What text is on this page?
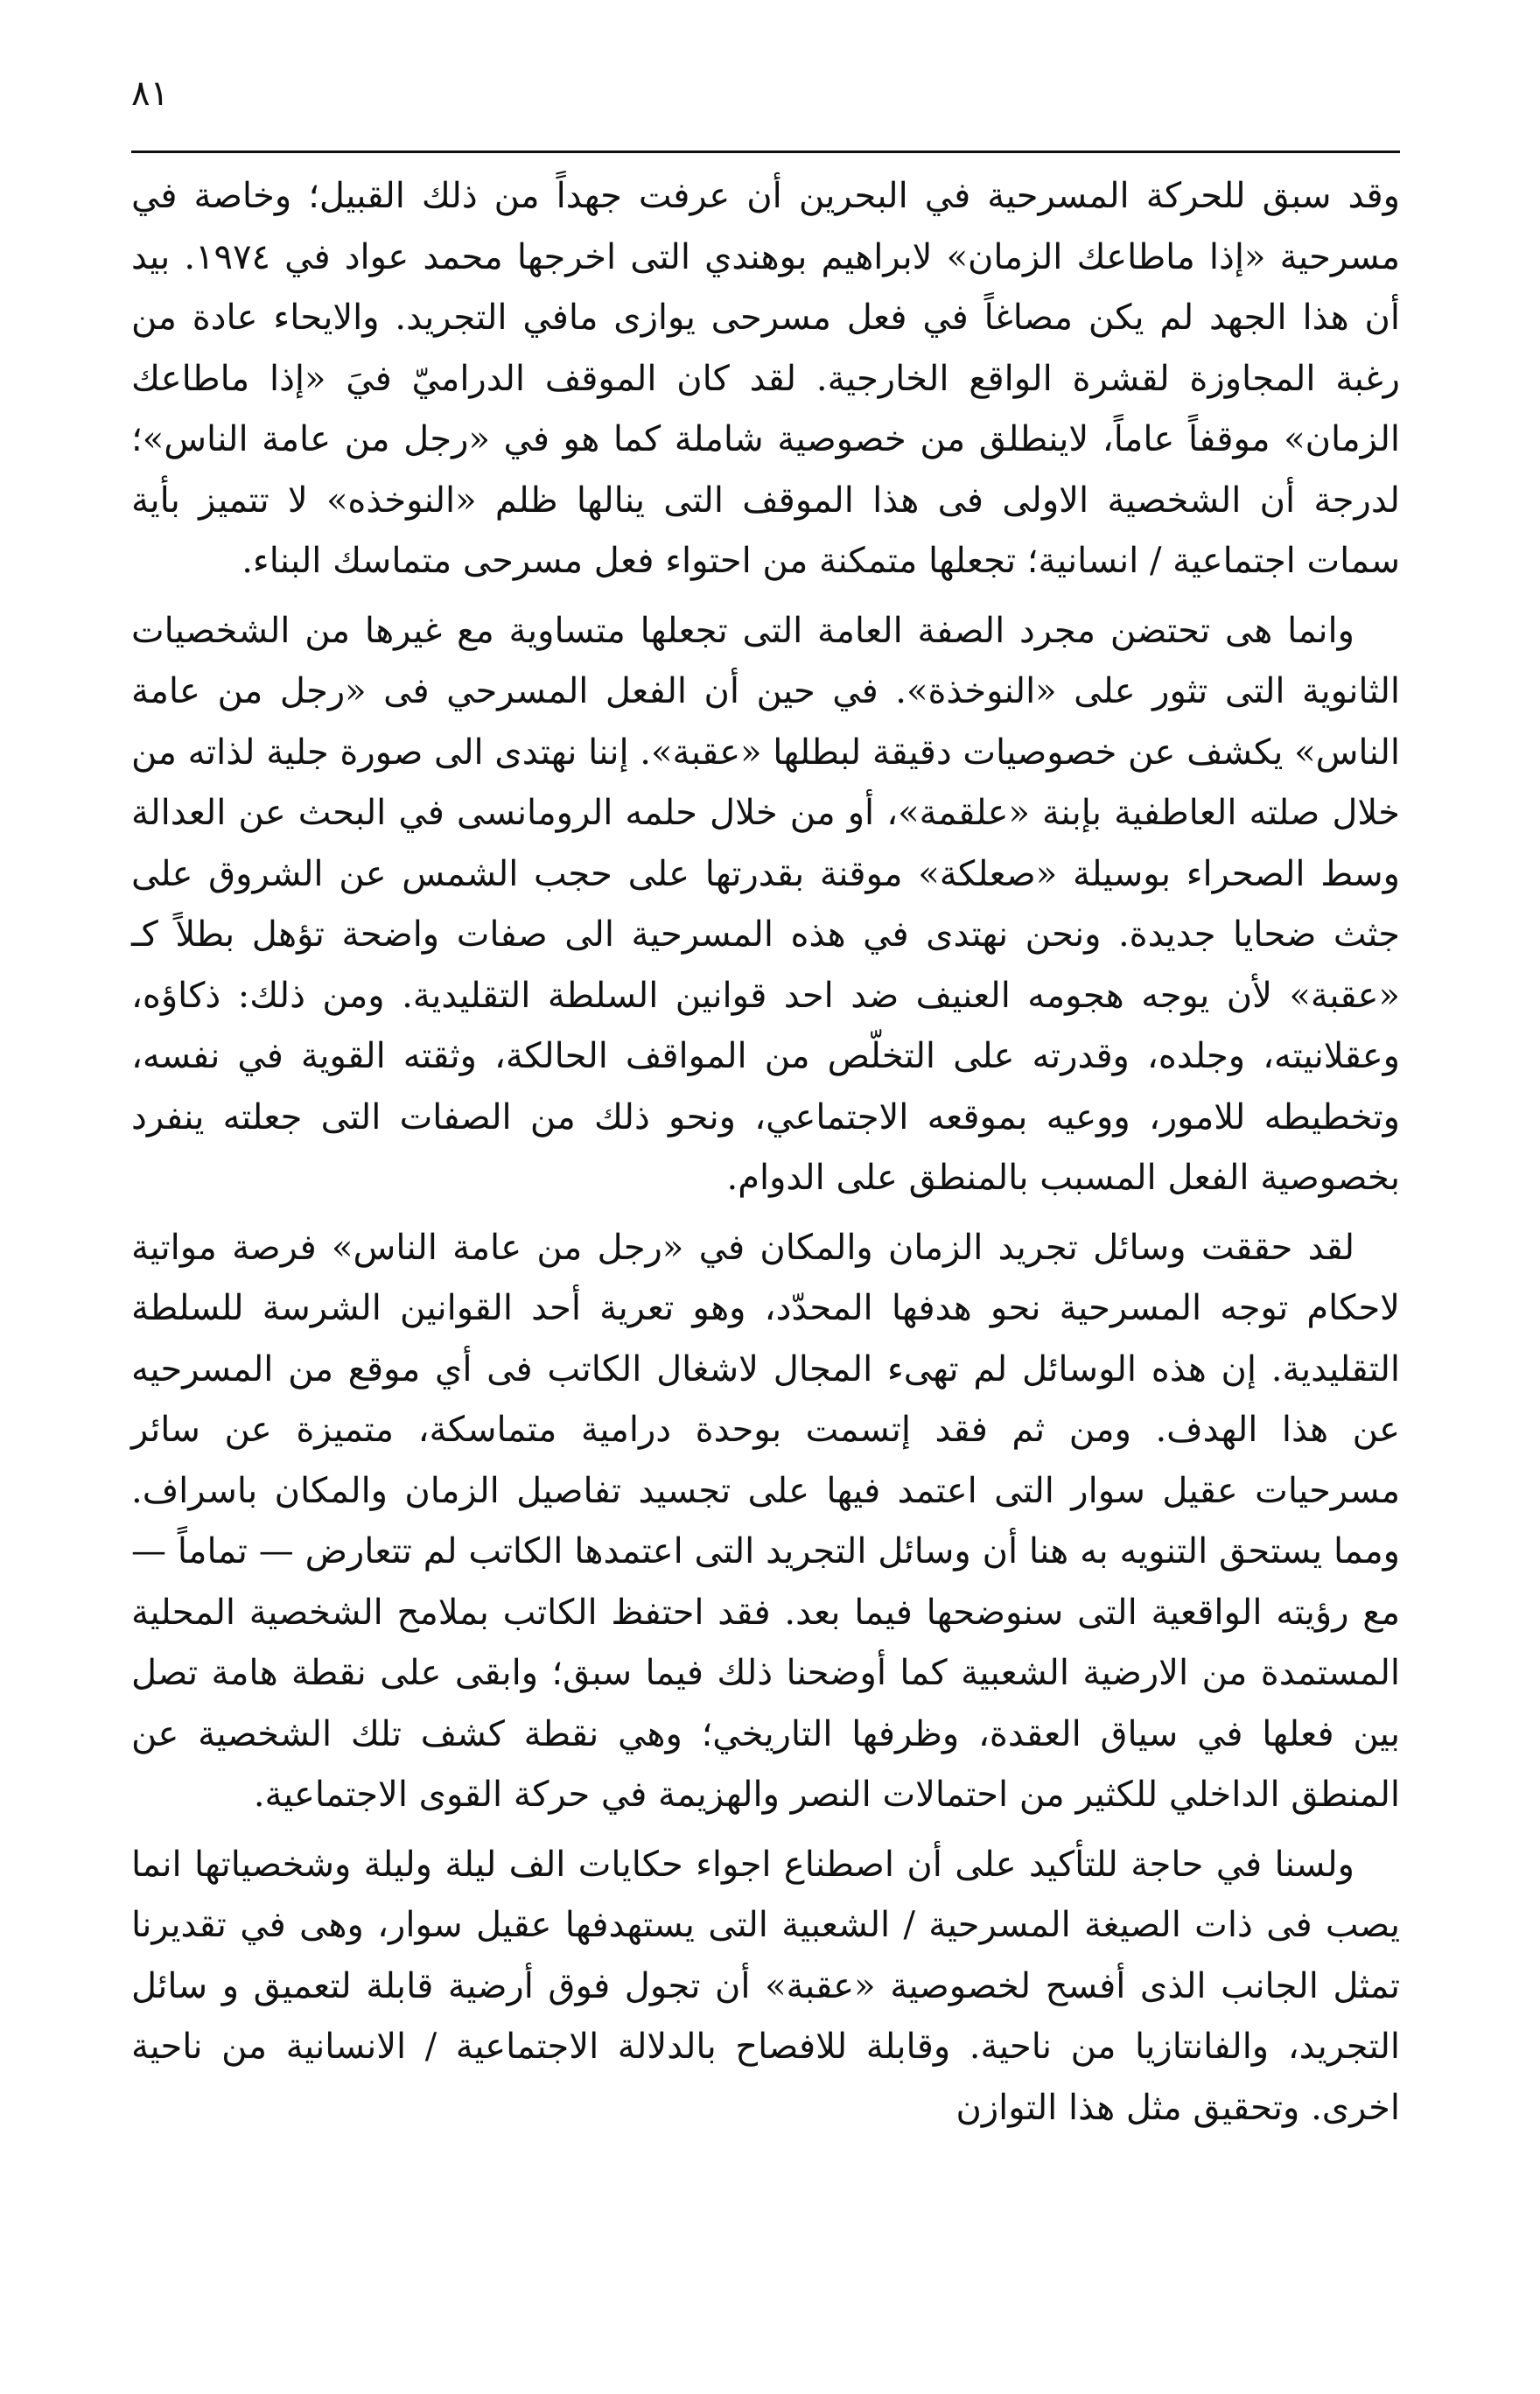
٨١

وقد سبق للحركة المسرحية في البحرين أن عرفت جهداً من ذلك القبيل؛ وخاصة في مسرحية «إذا ماطاعك الزمان» لابراهيم بوهندي التى اخرجها محمد عواد في ١٩٧٤. بيد أن هذا الجهد لم يكن مصاغاً في فعل مسرحى يوازى مافي التجريد. والايحاء عادة من رغبة المجاوزة لقشرة الواقع الخارجية. لقد كان الموقف الدراميّ فيَ «إذا ماطاعك الزمان» موقفاً عاماً، لاينطلق من خصوصية شاملة كما هو في «رجل من عامة الناس»؛ لدرجة أن الشخصية الاولى فى هذا الموقف التى ينالها ظلم «النوخذه» لا تتميز بأية سمات اجتماعية / انسانية؛ تجعلها متمكنة من احتواء فعل مسرحى متماسك البناء.

وانما هى تحتضن مجرد الصفة العامة التى تجعلها متساوية مع غيرها من الشخصيات الثانوية التى تثور على «النوخذة». في حين أن الفعل المسرحي فى «رجل من عامة الناس» يكشف عن خصوصيات دقيقة لبطلها «عقبة». إننا نهتدى الى صورة جلية لذاته من خلال صلته العاطفية بإبنة «علقمة»، أو من خلال حلمه الرومانسى في البحث عن العدالة وسط الصحراء بوسيلة «صعلكة» موقنة بقدرتها على حجب الشمس عن الشروق على جثث ضحايا جديدة. ونحن نهتدى في هذه المسرحية الى صفات واضحة تؤهل بطلاً كـ «عقبة» لأن يوجه هجومه العنيف ضد احد قوانين السلطة التقليدية. ومن ذلك: ذكاؤه، وعقلانيته، وجلده، وقدرته على التخلّص من المواقف الحالكة، وثقته القوية في نفسه، وتخطيطه للامور، ووعيه بموقعه الاجتماعي، ونحو ذلك من الصفات التى جعلته ينفرد بخصوصية الفعل المسبب بالمنطق على الدوام.

لقد حققت وسائل تجريد الزمان والمكان في «رجل من عامة الناس» فرصة مواتية لاحكام توجه المسرحية نحو هدفها المحدّد، وهو تعرية أحد القوانين الشرسة للسلطة التقليدية. إن هذه الوسائل لم تهىء المجال لاشغال الكاتب فى أي موقع من المسرحيه عن هذا الهدف. ومن ثم فقد إتسمت بوحدة درامية متماسكة، متميزة عن سائر مسرحيات عقيل سوار التى اعتمد فيها على تجسيد تفاصيل الزمان والمكان باسراف. ومما يستحق التنويه به هنا أن وسائل التجريد التى اعتمدها الكاتب لم تتعارض — تماماً — مع رؤيته الواقعية التى سنوضحها فيما بعد. فقد احتفظ الكاتب بملامح الشخصية المحلية المستمدة من الارضية الشعبية كما أوضحنا ذلك فيما سبق؛ وابقى على نقطة هامة تصل بين فعلها في سياق العقدة، وظرفها التاريخي؛ وهي نقطة كشف تلك الشخصية عن المنطق الداخلي للكثير من احتمالات النصر والهزيمة في حركة القوى الاجتماعية.

ولسنا في حاجة للتأكيد على أن اصطناع اجواء حكايات الف ليلة وليلة وشخصياتها انما يصب فى ذات الصيغة المسرحية / الشعبية التى يستهدفها عقيل سوار، وهى في تقديرنا تمثل الجانب الذى أفسح لخصوصية «عقبة» أن تجول فوق أرضية قابلة لتعميق و سائل التجريد، والفانتازيا من ناحية. وقابلة للافصاح بالدلالة الاجتماعية / الانسانية من ناحية اخرى. وتحقيق مثل هذا التوازن
